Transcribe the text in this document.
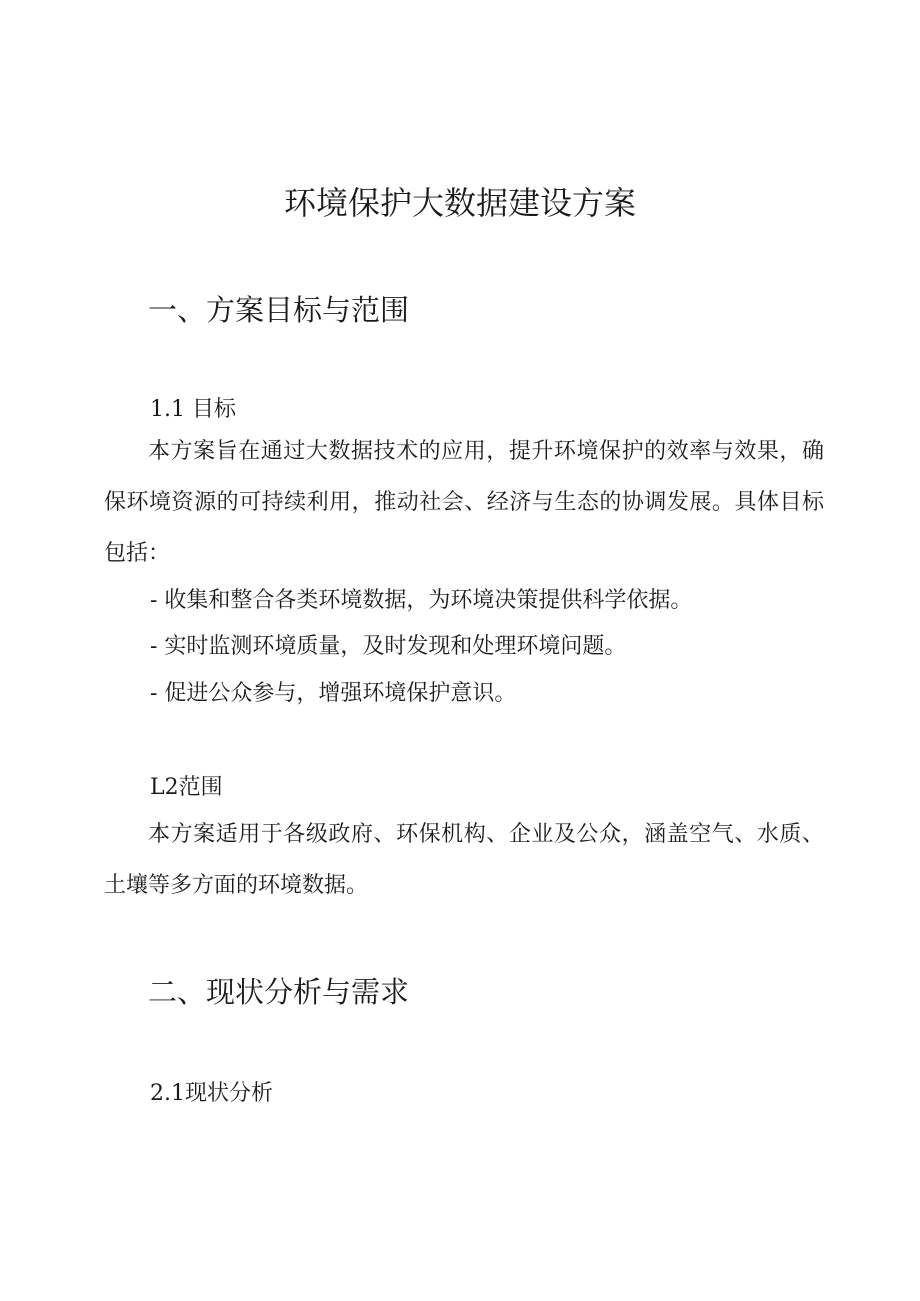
环境保护大数据建设方案
一、方案目标与范围
1.1 目标

本方案旨在通过大数据技术的应用，提升环境保护的效率与效果，确保环境资源的可持续利用，推动社会、经济与生态的协调发展。具体目标包括：

- 收集和整合各类环境数据，为环境决策提供科学依据。
- 实时监测环境质量，及时发现和处理环境问题。
- 促进公众参与，增强环境保护意识。
L2范围

本方案适用于各级政府、环保机构、企业及公众，涵盖空气、水质、土壤等多方面的环境数据。

二、现状分析与需求
2.1现状分析
